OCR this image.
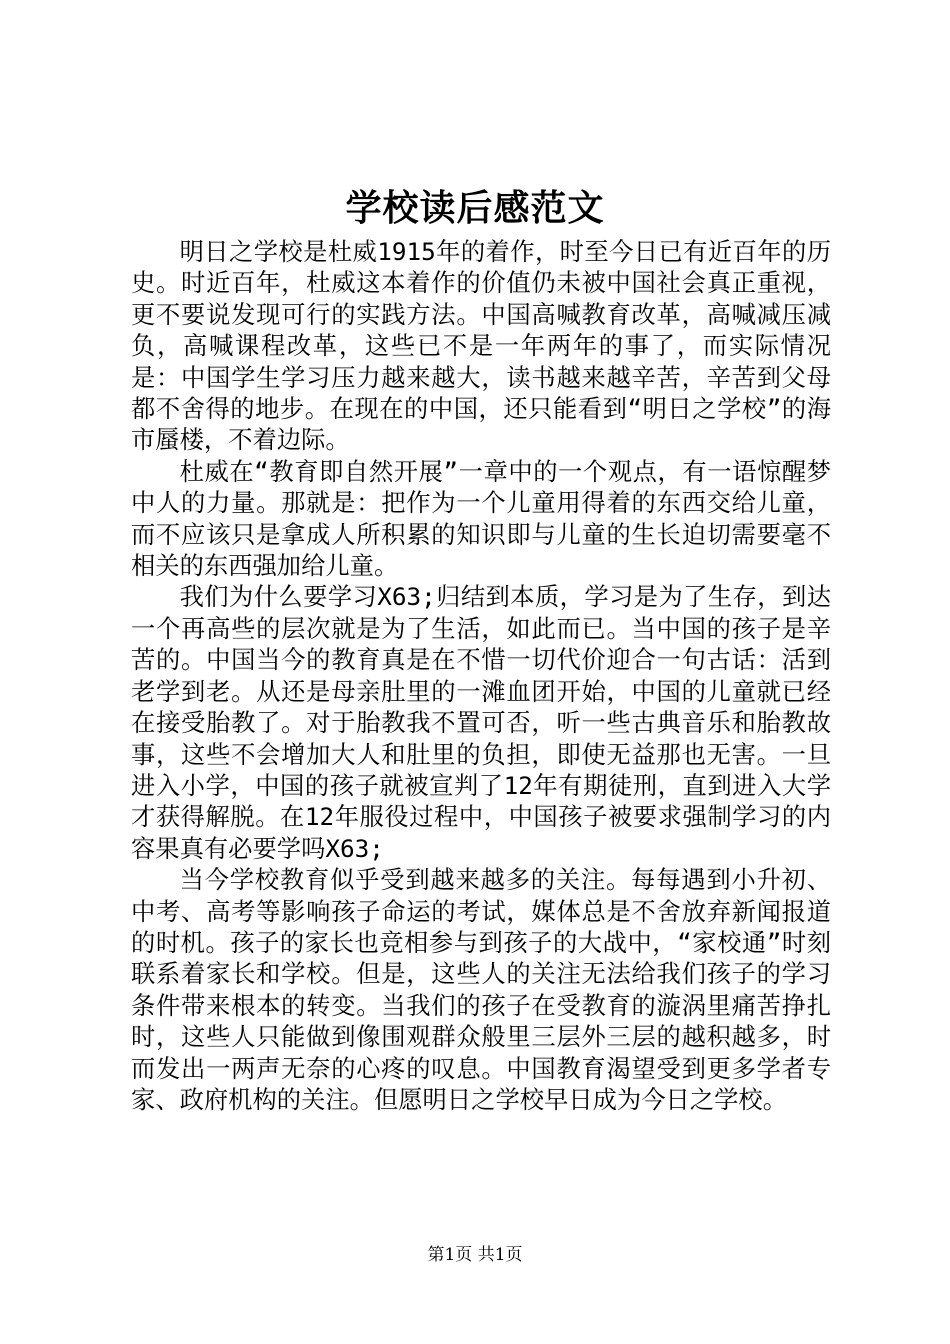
学校读后感范文

明日之学校是杜威1915年的着作，时至今日已有近百年的历史。时近百年，杜威这本着作的价值仍未被中国社会真正重视，更不要说发现可行的实践方法。中国高喊教育改革，高喊减压减负，高喊课程改革，这些已不是一年两年的事了，而实际情况是：中国学生学习压力越来越大，读书越来越辛苦，辛苦到父母都不舍得的地步。在现在的中国，还只能看到“明日之学校”的海市蜃楼，不着边际。

杜威在“教育即自然开展”一章中的一个观点，有一语惊醒梦中人的力量。那就是：把作为一个儿童用得着的东西交给儿童，而不应该只是拿成人所积累的知识即与儿童的生长迫切需要毫不相关的东西强加给儿童。

我们为什么要学习X63;归结到本质，学习是为了生存，到达一个再高些的层次就是为了生活，如此而已。当中国的孩子是辛苦的。中国当今的教育真是在不惜一切代价迎合一句古话：活到老学到老。从还是母亲肚里的一滩血团开始，中国的儿童就已经在接受胎教了。对于胎教我不置可否，听一些古典音乐和胎教故事，这些不会增加大人和肚里的负担，即使无益那也无害。一旦进入小学，中国的孩子就被宣判了12年有期徒刑，直到进入大学才获得解脱。在12年服役过程中，中国孩子被要求强制学习的内容果真有必要学吗X63;

当今学校教育似乎受到越来越多的关注。每每遇到小升初、中考、高考等影响孩子命运的考试，媒体总是不舍放弃新闻报道的时机。孩子的家长也竞相参与到孩子的大战中，“家校通”时刻联系着家长和学校。但是，这些人的关注无法给我们孩子的学习条件带来根本的转变。当我们的孩子在受教育的漩涡里痛苦挣扎时，这些人只能做到像围观群众般里三层外三层的越积越多，时而发出一两声无奈的心疼的叹息。中国教育渴望受到更多学者专家、政府机构的关注。但愿明日之学校早日成为今日之学校。

第1页 共1页
